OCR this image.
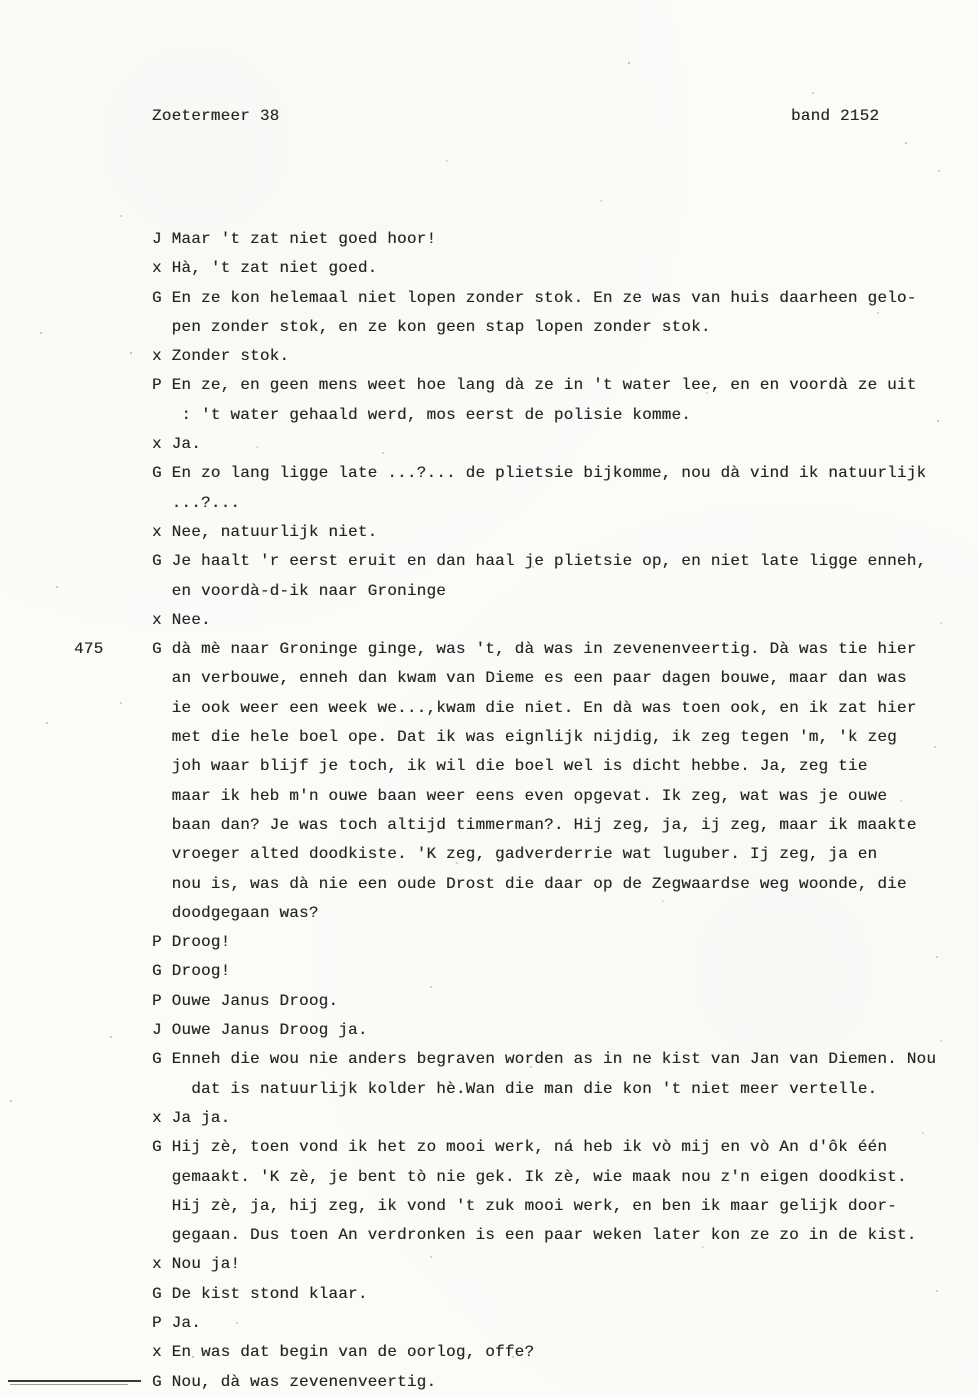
Zoetermeer 38	band 2152

J Maar 't zat niet goed hoor!
x Hà, 't zat niet goed.
G En ze kon helemaal niet lopen zonder stok. En ze was van huis daarheen gelo-
pen zonder stok, en ze kon geen stap lopen zonder stok.
x Zonder stok.
P En ze, en geen mens weet hoe lang dà ze in 't water lee, en en voordà ze uit
: 't water gehaald werd, mos eerst de polisie komme.
x Ja.
G En zo lang ligge late ...?... de plietsie bijkomme, nou dà vind ik natuurlijk
...?...
x Nee, natuurlijk niet.
G Je haalt 'r eerst eruit en dan haal je plietsie op, en niet late ligge enneh,
en voordà-d-ik naar Groninge
x Nee.
475	G dà mè naar Groninge ginge, was 't, dà was in zevenenveertig. Dà was tie hier
an verbouwe, enneh dan kwam van Dieme es een paar dagen bouwe, maar dan was
ie ook weer een week we...,kwam die niet. En dà was toen ook, en ik zat hier
met die hele boel ope. Dat ik was eignlijk nijdig, ik zeg tegen 'm, 'k zeg
joh waar blijf je toch, ik wil die boel wel is dicht hebbe. Ja, zeg tie
maar ik heb m'n ouwe baan weer eens even opgevat. Ik zeg, wat was je ouwe
baan dan? Je was toch altijd timmerman?. Hij zeg, ja, ij zeg, maar ik maakte
vroeger alted doodkiste. 'K zeg, gadverderrie wat luguber. Ij zeg, ja en
nou is, was dà nie een oude Drost die daar op de Zegwaardse weg woonde, die
doodgegaan was?
P Droog!
G Droog!
P Ouwe Janus Droog.
J Ouwe Janus Droog ja.
G Enneh die wou nie anders begraven worden as in ne kist van Jan van Diemen. Nou
dat is natuurlijk kolder hè.Wan die man die kon 't niet meer vertelle.
x Ja ja.
G Hij zè, toen vond ik het zo mooi werk, ná heb ik vò mij en vò An d'ôk één
gemaakt. 'K zè, je bent tò nie gek. Ik zè, wie maak nou z'n eigen doodkist.
Hij zè, ja, hij zeg, ik vond 't zuk mooi werk, en ben ik maar gelijk door-
gegaan. Dus toen An verdronken is een paar weken later kon ze zo in de kist.
x Nou ja!
G De kist stond klaar.
P Ja.
x En was dat begin van de oorlog, offe?
G Nou, dà was zevenenveertig.
